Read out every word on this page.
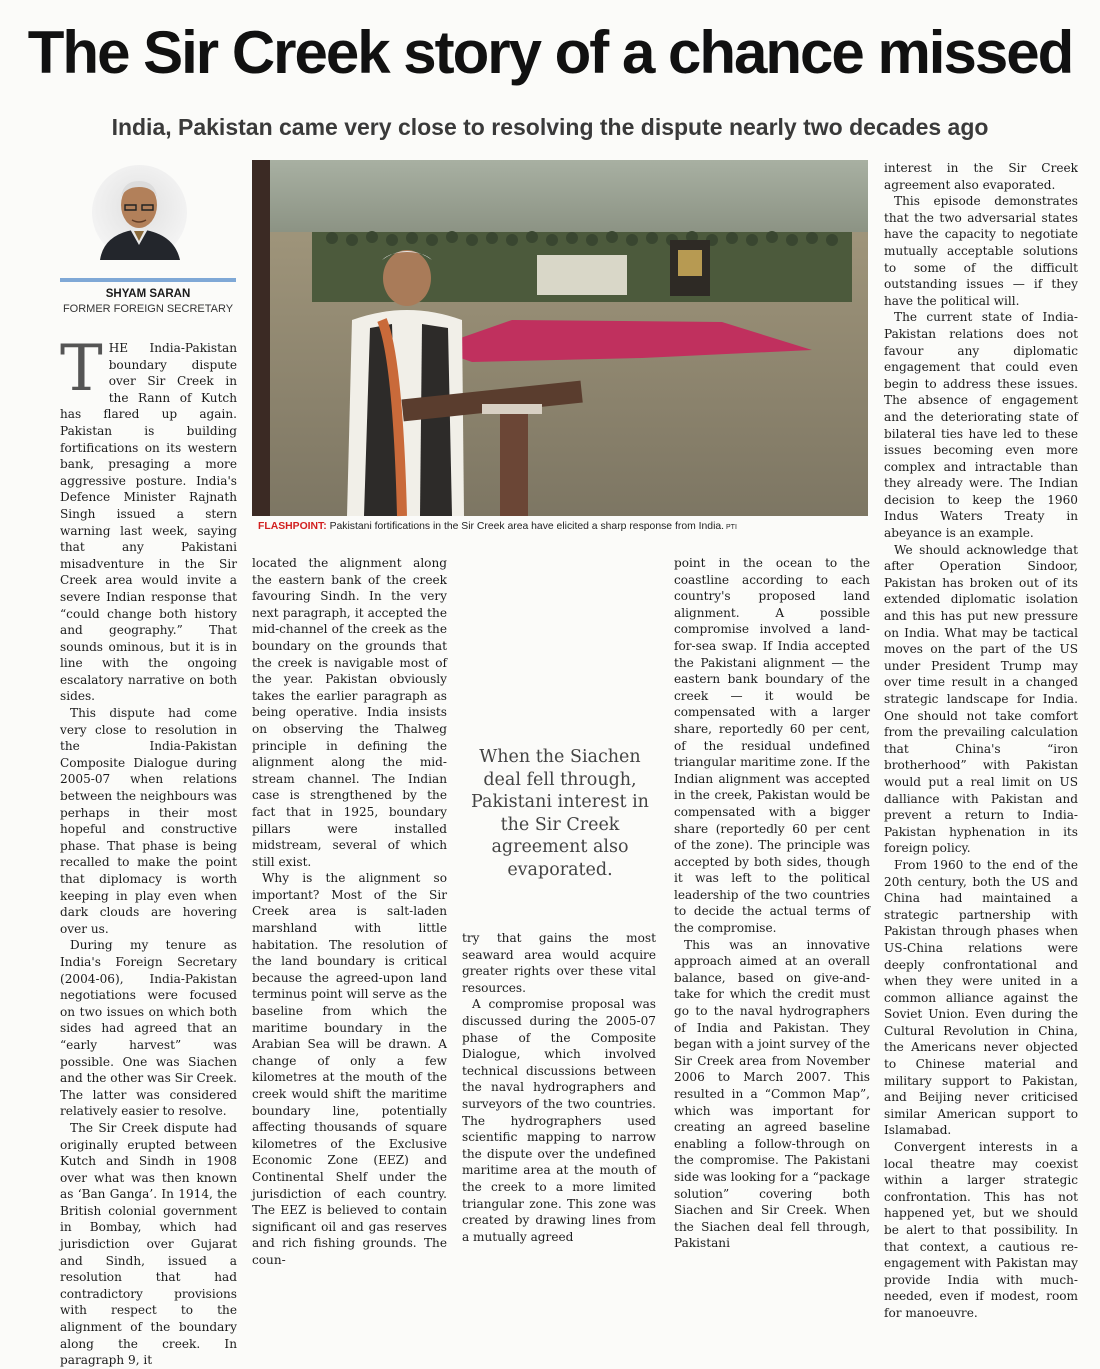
The Sir Creek story of a chance missed
India, Pakistan came very close to resolving the dispute nearly two decades ago
SHYAM SARAN
FORMER FOREIGN SECRETARY
FLASHPOINT: Pakistani fortifications in the Sir Creek area have elicited a sharp response from India. PTI

THE India-Pakistan boundary dispute over Sir Creek in the Rann of Kutch has flared up again. Pakistan is building fortifications on its western bank, presaging a more aggressive posture. India's Defence Minister Rajnath Singh issued a stern warning last week, saying that any Pakistani misadventure in the Sir Creek area would invite a severe Indian response that “could change both history and geography.” That sounds ominous, but it is in line with the ongoing escalatory narrative on both sides.

This dispute had come very close to resolution in the India-Pakistan Composite Dialogue during 2005-07 when relations between the neighbours was perhaps in their most hopeful and constructive phase. That phase is being recalled to make the point that diplomacy is worth keeping in play even when dark clouds are hovering over us.

During my tenure as India's Foreign Secretary (2004-06), India-Pakistan negotiations were focused on two issues on which both sides had agreed that an “early harvest” was possible. One was Siachen and the other was Sir Creek. The latter was considered relatively easier to resolve.

The Sir Creek dispute had originally erupted between Kutch and Sindh in 1908 over what was then known as ‘Ban Ganga’. In 1914, the British colonial government in Bombay, which had jurisdiction over Gujarat and Sindh, issued a resolution that had contradictory provisions with respect to the alignment of the boundary along the creek. In paragraph 9, it

located the alignment along the eastern bank of the creek favouring Sindh. In the very next paragraph, it accepted the mid-channel of the creek as the boundary on the grounds that the creek is navigable most of the year. Pakistan obviously takes the earlier paragraph as being operative. India insists on observing the Thalweg principle in defining the alignment along the mid-stream channel. The Indian case is strengthened by the fact that in 1925, boundary pillars were installed midstream, several of which still exist.

Why is the alignment so important? Most of the Sir Creek area is salt-laden marshland with little habitation. The resolution of the land boundary is critical because the agreed-upon land terminus point will serve as the baseline from which the maritime boundary in the Arabian Sea will be drawn. A change of only a few kilometres at the mouth of the creek would shift the maritime boundary line, potentially affecting thousands of square kilometres of the Exclusive Economic Zone (EEZ) and Continental Shelf under the jurisdiction of each country. The EEZ is believed to contain significant oil and gas reserves and rich fishing grounds. The coun-

When the Siachen deal fell through, Pakistani interest in the Sir Creek agreement also evaporated.

try that gains the most seaward area would acquire greater rights over these vital resources.

A compromise proposal was discussed during the 2005-07 phase of the Composite Dialogue, which involved technical discussions between the naval hydrographers and surveyors of the two countries. The hydrographers used scientific mapping to narrow the dispute over the undefined maritime area at the mouth of the creek to a more limited triangular zone. This zone was created by drawing lines from a mutually agreed

point in the ocean to the coastline according to each country's proposed land alignment. A possible compromise involved a land-for-sea swap. If India accepted the Pakistani alignment — the eastern bank boundary of the creek — it would be compensated with a larger share, reportedly 60 per cent, of the residual undefined triangular maritime zone. If the Indian alignment was accepted in the creek, Pakistan would be compensated with a bigger share (reportedly 60 per cent of the zone). The principle was accepted by both sides, though it was left to the political leadership of the two countries to decide the actual terms of the compromise.

This was an innovative approach aimed at an overall balance, based on give-and-take for which the credit must go to the naval hydrographers of India and Pakistan. They began with a joint survey of the Sir Creek area from November 2006 to March 2007. This resulted in a “Common Map”, which was important for creating an agreed baseline enabling a follow-through on the compromise. The Pakistani side was looking for a “package solution” covering both Siachen and Sir Creek. When the Siachen deal fell through, Pakistani

interest in the Sir Creek agreement also evaporated.

This episode demonstrates that the two adversarial states have the capacity to negotiate mutually acceptable solutions to some of the difficult outstanding issues — if they have the political will.

The current state of India-Pakistan relations does not favour any diplomatic engagement that could even begin to address these issues. The absence of engagement and the deteriorating state of bilateral ties have led to these issues becoming even more complex and intractable than they already were. The Indian decision to keep the 1960 Indus Waters Treaty in abeyance is an example.

We should acknowledge that after Operation Sindoor, Pakistan has broken out of its extended diplomatic isolation and this has put new pressure on India. What may be tactical moves on the part of the US under President Trump may over time result in a changed strategic landscape for India. One should not take comfort from the prevailing calculation that China's “iron brotherhood” with Pakistan would put a real limit on US dalliance with Pakistan and prevent a return to India-Pakistan hyphenation in its foreign policy.

From 1960 to the end of the 20th century, both the US and China had maintained a strategic partnership with Pakistan through phases when US-China relations were deeply confrontational and when they were united in a common alliance against the Soviet Union. Even during the Cultural Revolution in China, the Americans never objected to Chinese material and military support to Pakistan, and Beijing never criticised similar American support to Islamabad.

Convergent interests in a local theatre may coexist within a larger strategic confrontation. This has not happened yet, but we should be alert to that possibility. In that context, a cautious re-engagement with Pakistan may provide India with much-needed, even if modest, room for manoeuvre.
